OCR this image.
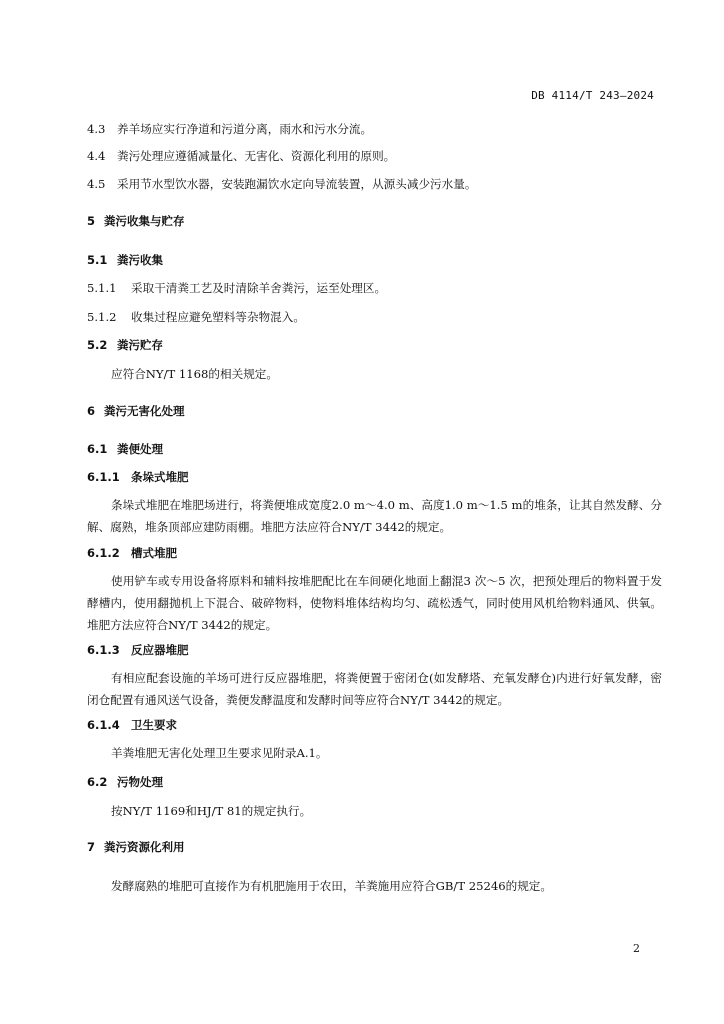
DB 4114/T 243—2024
4.3 养羊场应实行净道和污道分离，雨水和污水分流。
4.4 粪污处理应遵循减量化、无害化、资源化利用的原则。
4.5 采用节水型饮水器，安装跑漏饮水定向导流装置，从源头减少污水量。
5 粪污收集与贮存
5.1 粪污收集
5.1.1 采取干清粪工艺及时清除羊舍粪污，运至处理区。
5.1.2 收集过程应避免塑料等杂物混入。
5.2 粪污贮存
应符合NY/T 1168的相关规定。
6 粪污无害化处理
6.1 粪便处理
6.1.1 条垛式堆肥
条垛式堆肥在堆肥场进行，将粪便堆成宽度2.0 m～4.0 m、高度1.0 m～1.5 m的堆条，让其自然发酵、分解、腐熟，堆条顶部应建防雨棚。堆肥方法应符合NY/T 3442的规定。
6.1.2 槽式堆肥
使用铲车或专用设备将原料和辅料按堆肥配比在车间硬化地面上翻混3 次～5 次，把预处理后的物料置于发酵槽内，使用翻抛机上下混合、破碎物料，使物料堆体结构均匀、疏松透气，同时使用风机给物料通风、供氧。堆肥方法应符合NY/T 3442的规定。
6.1.3 反应器堆肥
有相应配套设施的羊场可进行反应器堆肥，将粪便置于密闭仓(如发酵塔、充氧发酵仓)内进行好氧发酵，密闭仓配置有通风送气设备，粪便发酵温度和发酵时间等应符合NY/T 3442的规定。
6.1.4 卫生要求
羊粪堆肥无害化处理卫生要求见附录A.1。
6.2 污物处理
按NY/T 1169和HJ/T 81的规定执行。
7 粪污资源化利用
发酵腐熟的堆肥可直接作为有机肥施用于农田，羊粪施用应符合GB/T 25246的规定。
2
